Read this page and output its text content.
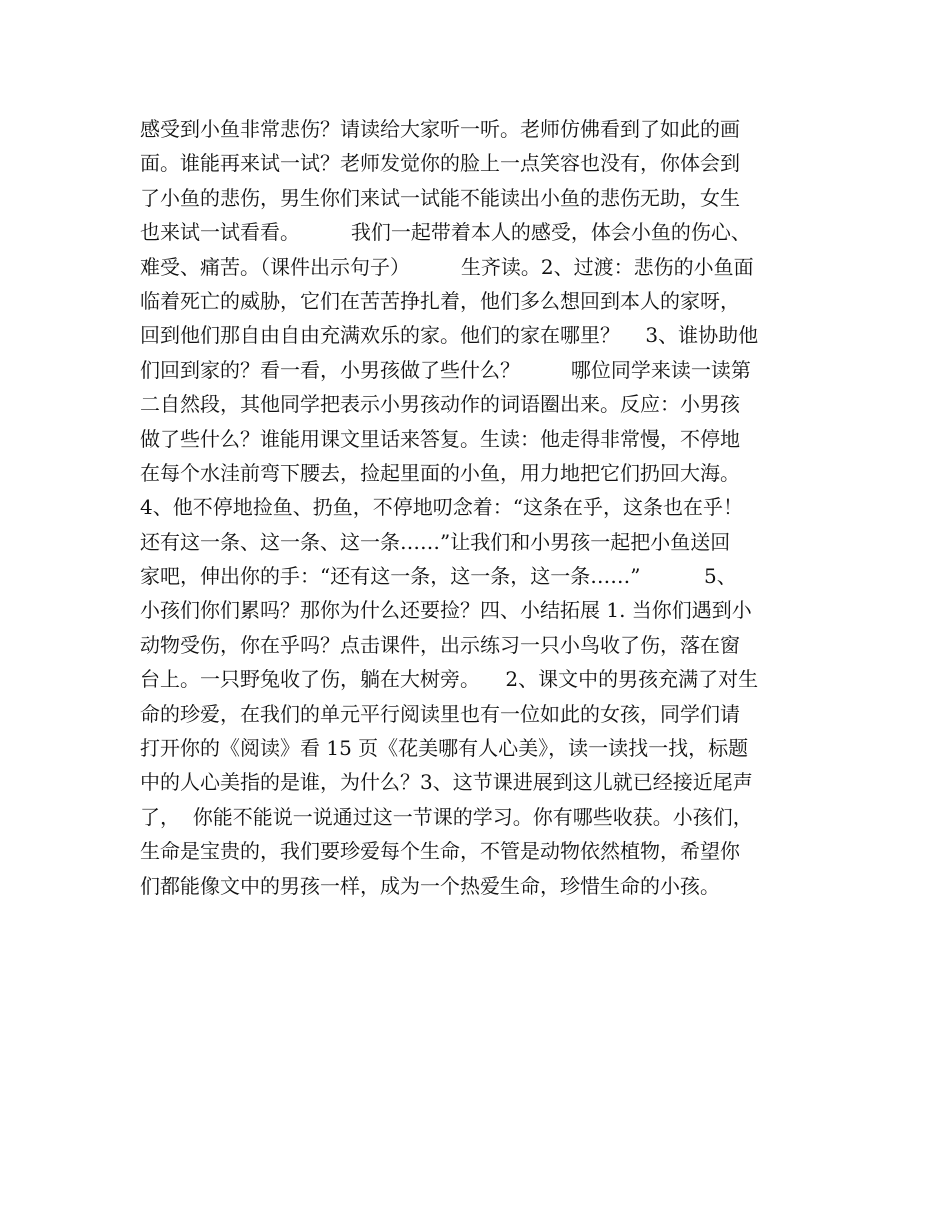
感受到小鱼非常悲伤？请读给大家听一听。老师仿佛看到了如此的画
面。谁能再来试一试？老师发觉你的脸上一点笑容也没有，你体会到
了小鱼的悲伤，男生你们来试一试能不能读出小鱼的悲伤无助，女生
也来试一试看看。        我们一起带着本人的感受，体会小鱼的伤心、
难受、痛苦。（课件出示句子）        生齐读。2、过渡：悲伤的小鱼面
临着死亡的威胁，它们在苦苦挣扎着，他们多么想回到本人的家呀，
回到他们那自由自由充满欢乐的家。他们的家在哪里？    3、谁协助他
们回到家的？看一看，小男孩做了些什么？        哪位同学来读一读第
二自然段，其他同学把表示小男孩动作的词语圈出来。反应：小男孩
做了些什么？谁能用课文里话来答复。生读：他走得非常慢，不停地
在每个水洼前弯下腰去，捡起里面的小鱼，用力地把它们扔回大海。
4、他不停地捡鱼、扔鱼，不停地叨念着：“这条在乎，这条也在乎！
还有这一条、这一条、这一条……”让我们和小男孩一起把小鱼送回
家吧，伸出你的手：“还有这一条，这一条，这一条……”          5、
小孩们你们累吗？那你为什么还要捡？四、小结拓展 1. 当你们遇到小
动物受伤，你在乎吗？点击课件，出示练习一只小鸟收了伤，落在窗
台上。一只野兔收了伤，躺在大树旁。    2、课文中的男孩充满了对生
命的珍爱，在我们的单元平行阅读里也有一位如此的女孩，同学们请
打开你的《阅读》看 15 页《花美哪有人心美》，读一读找一找，标题
中的人心美指的是谁，为什么？3、这节课进展到这儿就已经接近尾声
了，  你能不能说一说通过这一节课的学习。你有哪些收获。小孩们，
生命是宝贵的，我们要珍爱每个生命，不管是动物依然植物，希望你
们都能像文中的男孩一样，成为一个热爱生命，珍惜生命的小孩。
